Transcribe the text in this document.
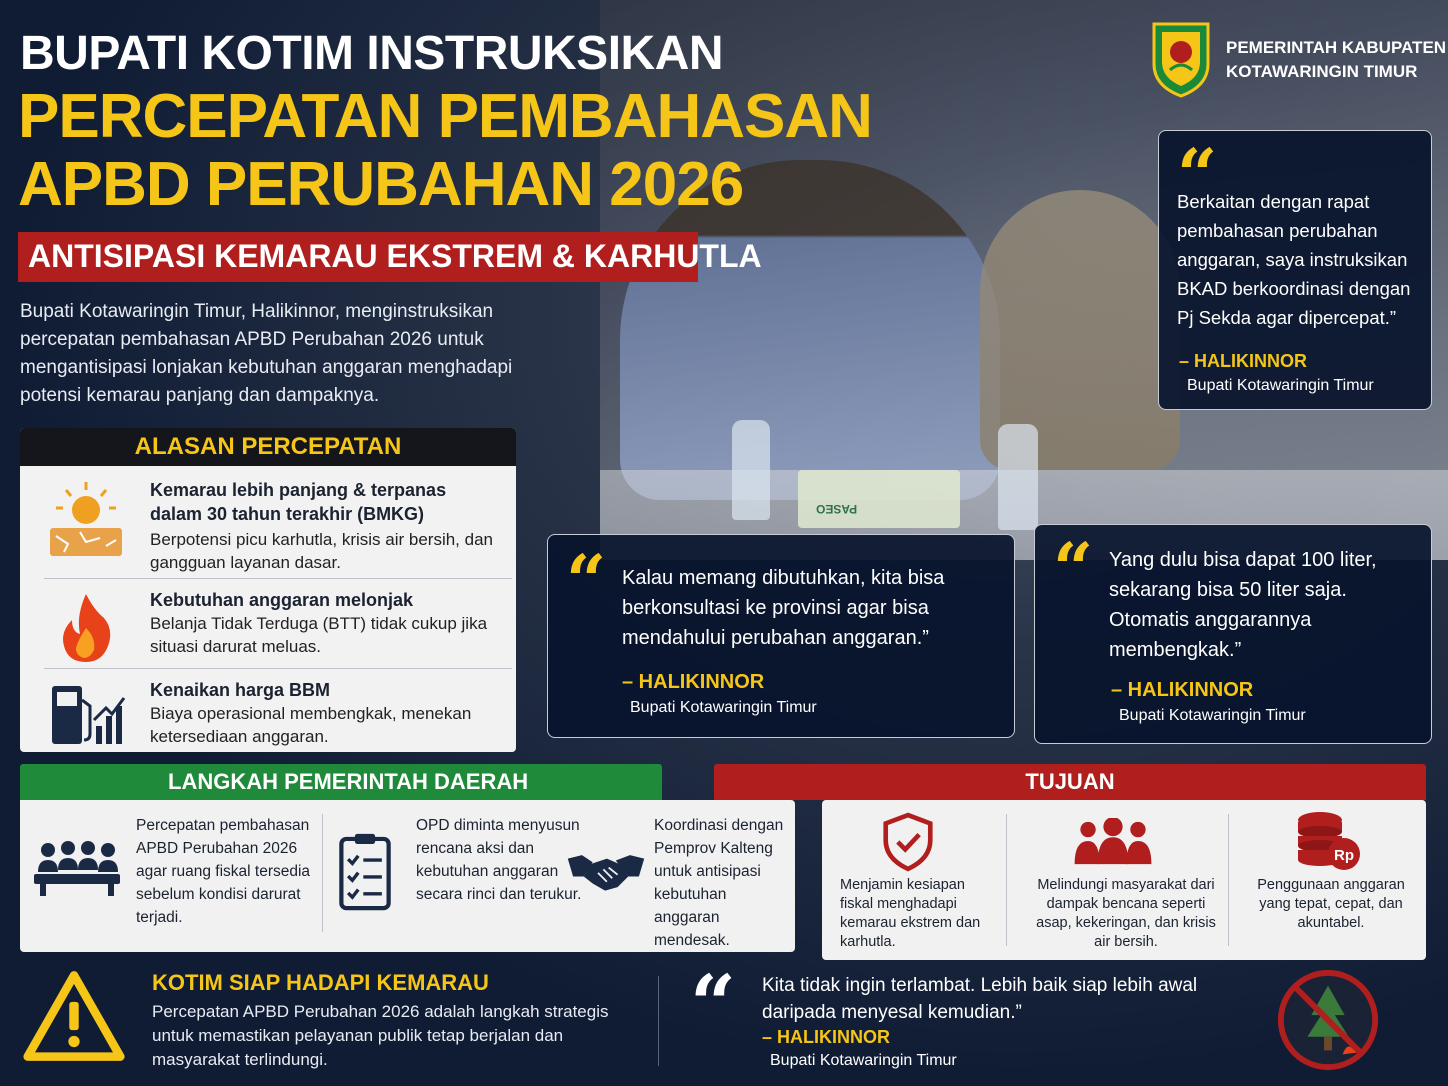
PASEO
BUPATI KOTIM INSTRUKSIKAN
PERCEPATAN PEMBAHASAN
APBD PERUBAHAN 2026
ANTISIPASI KEMARAU EKSTREM & KARHUTLA
Bupati Kotawaringin Timur, Halikinnor, menginstruksikan percepatan pembahasan APBD Perubahan 2026 untuk mengantisipasi lonjakan kebutuhan anggaran menghadapi potensi kemarau panjang dan dampaknya.
PEMERINTAH KABUPATEN
KOTAWARINGIN TIMUR
“
Berkaitan dengan rapat pembahasan perubahan anggaran, saya instruksikan BKAD berkoordinasi dengan Pj Sekda agar dipercepat.”
– HALIKINNOR
Bupati Kotawaringin Timur
ALASAN PERCEPATAN
Kemarau lebih panjang & terpanas dalam 30 tahun terakhir (BMKG)
Berpotensi picu karhutla, krisis air bersih, dan gangguan layanan dasar.
Kebutuhan anggaran melonjak
Belanja Tidak Terduga (BTT) tidak cukup jika situasi darurat meluas.
Kenaikan harga BBM
Biaya operasional membengkak, menekan ketersediaan anggaran.
“ Kalau memang dibutuhkan, kita bisa berkonsultasi ke provinsi agar bisa mendahului perubahan anggaran.”
– HALIKINNOR
Bupati Kotawaringin Timur
“ Yang dulu bisa dapat 100 liter, sekarang bisa 50 liter saja. Otomatis anggarannya membengkak.”
– HALIKINNOR
Bupati Kotawaringin Timur
LANGKAH PEMERINTAH DAERAH
Percepatan pembahasan APBD Perubahan 2026 agar ruang fiskal tersedia sebelum kondisi darurat terjadi.
OPD diminta menyusun rencana aksi dan kebutuhan anggaran secara rinci dan terukur.
Koordinasi dengan Pemprov Kalteng untuk antisipasi kebutuhan anggaran mendesak.
TUJUAN
Menjamin kesiapan fiskal menghadapi kemarau ekstrem dan karhutla.
Melindungi masyarakat dari dampak bencana seperti asap, kekeringan, dan krisis air bersih.
Rp
Penggunaan anggaran yang tepat, cepat, dan akuntabel.
KOTIM SIAP HADAPI KEMARAU
Percepatan APBD Perubahan 2026 adalah langkah strategis untuk memastikan pelayanan publik tetap berjalan dan masyarakat terlindungi.
“ Kita tidak ingin terlambat. Lebih baik siap lebih awal daripada menyesal kemudian.”
– HALIKINNOR
Bupati Kotawaringin Timur
